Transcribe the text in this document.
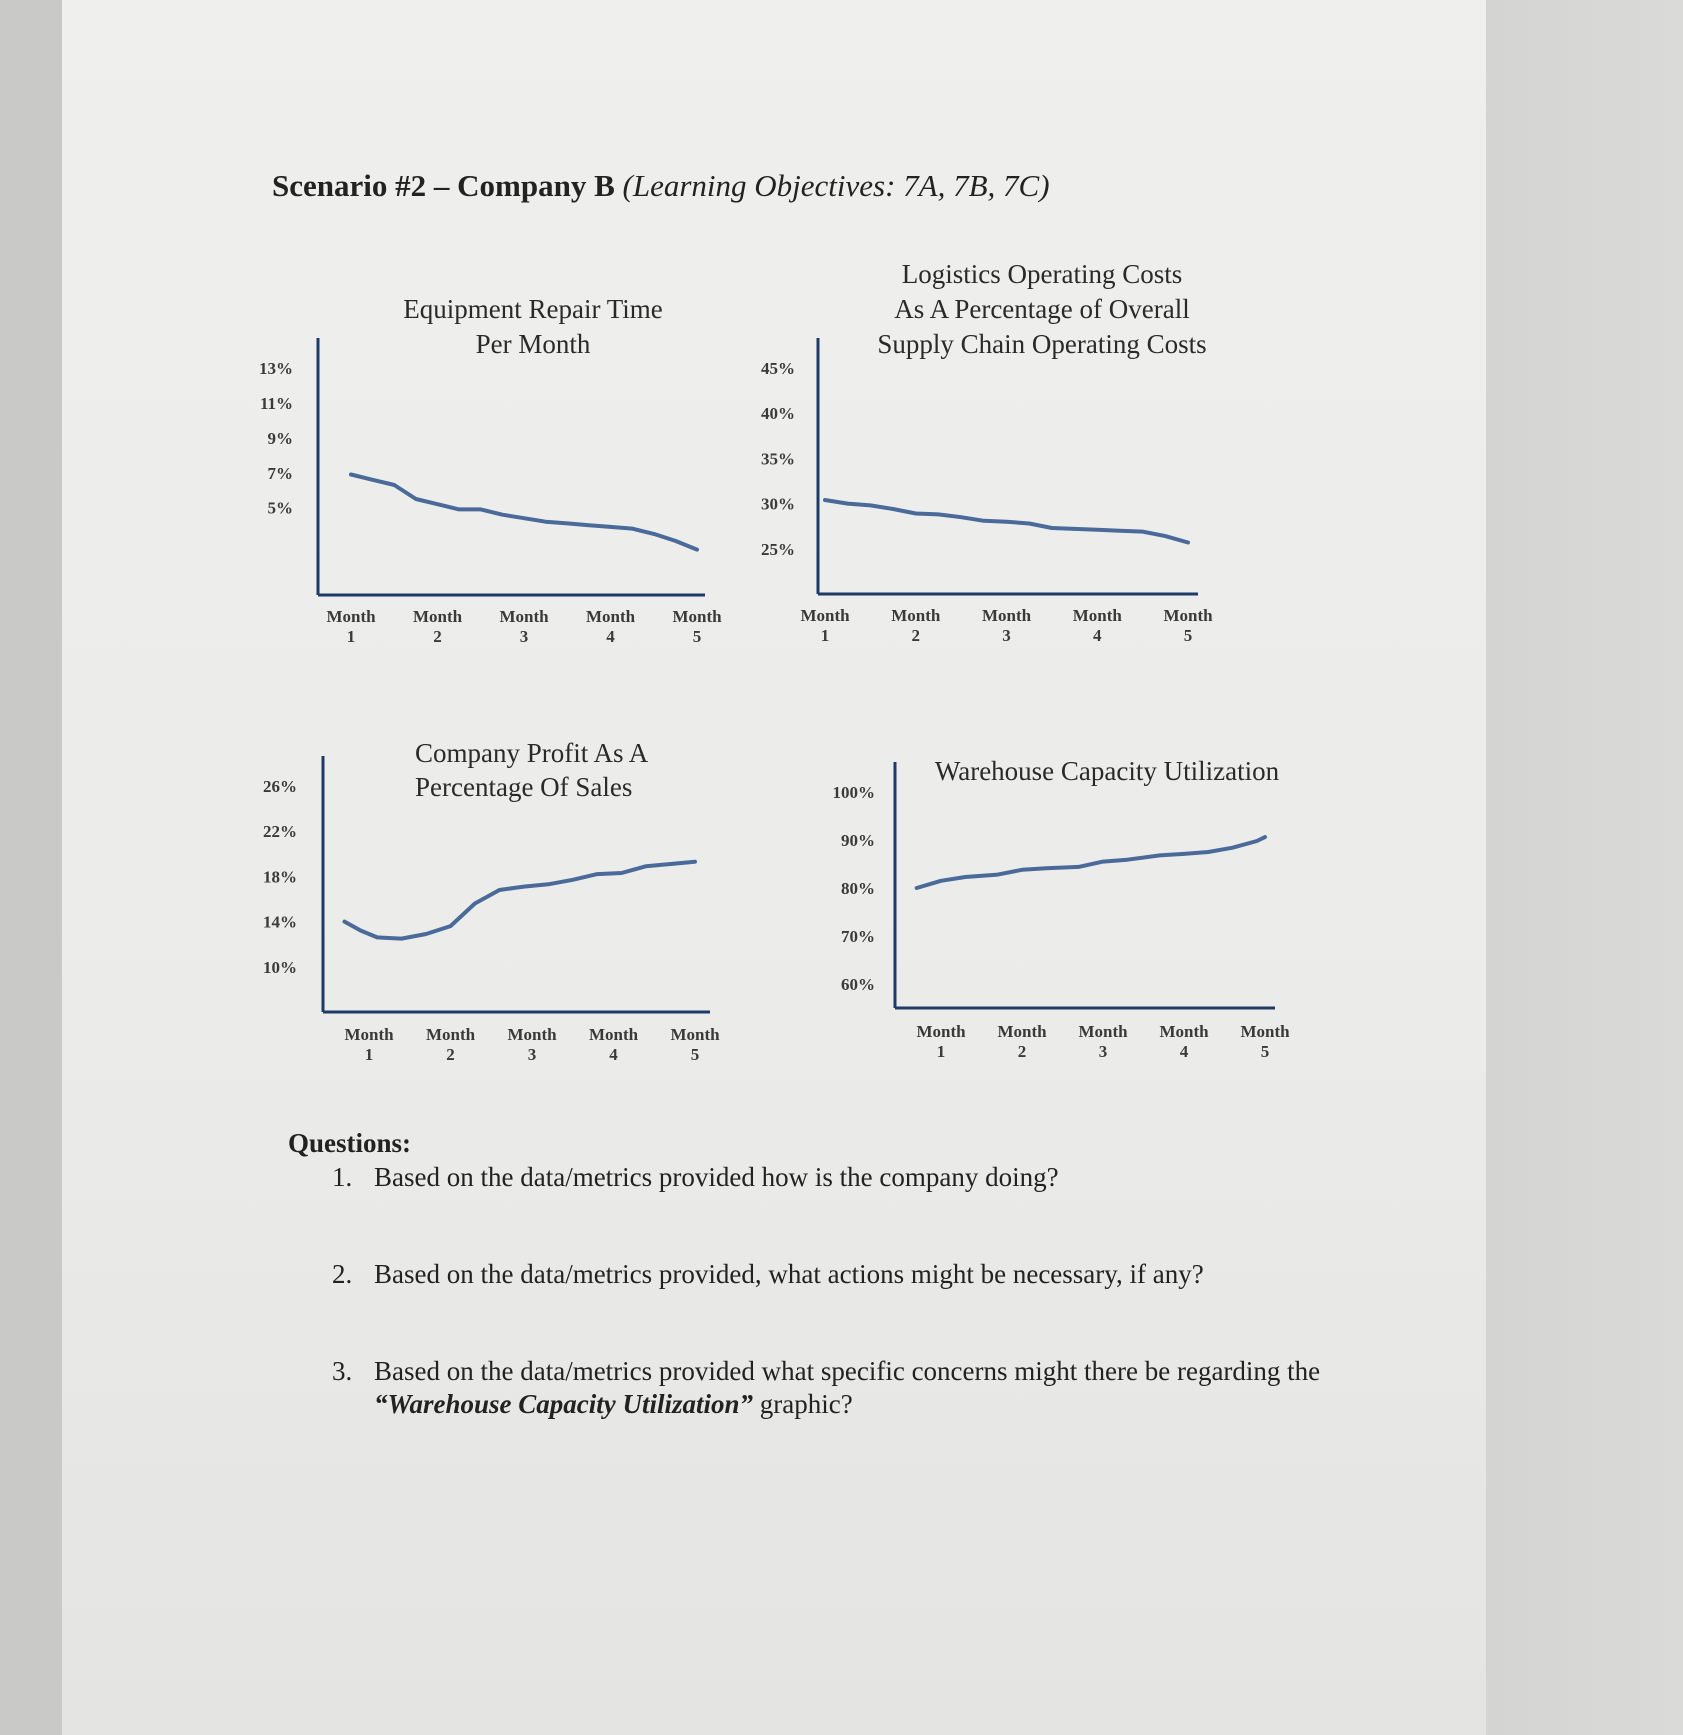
Scenario #2 – Company B (Learning Objectives: 7A, 7B, 7C)
Equipment Repair Time
Per Month
13%
11%
9%
7%
5%
Month
1
Month
2
Month
3
Month
4
Month
5
Logistics Operating Costs
As A Percentage of Overall
Supply Chain Operating Costs
45%
40%
35%
30%
25%
Month
1
Month
2
Month
3
Month
4
Month
5
Company Profit As A
Percentage Of Sales
26%
22%
18%
14%
10%
Month
1
Month
2
Month
3
Month
4
Month
5
Warehouse Capacity Utilization
100%
90%
80%
70%
60%
Month
1
Month
2
Month
3
Month
4
Month
5

Questions:

1. Based on the data/metrics provided how is the company doing?
2. Based on the data/metrics provided, what actions might be necessary, if any?
3. Based on the data/metrics provided what specific concerns might there be regarding the “Warehouse Capacity Utilization” graphic?
